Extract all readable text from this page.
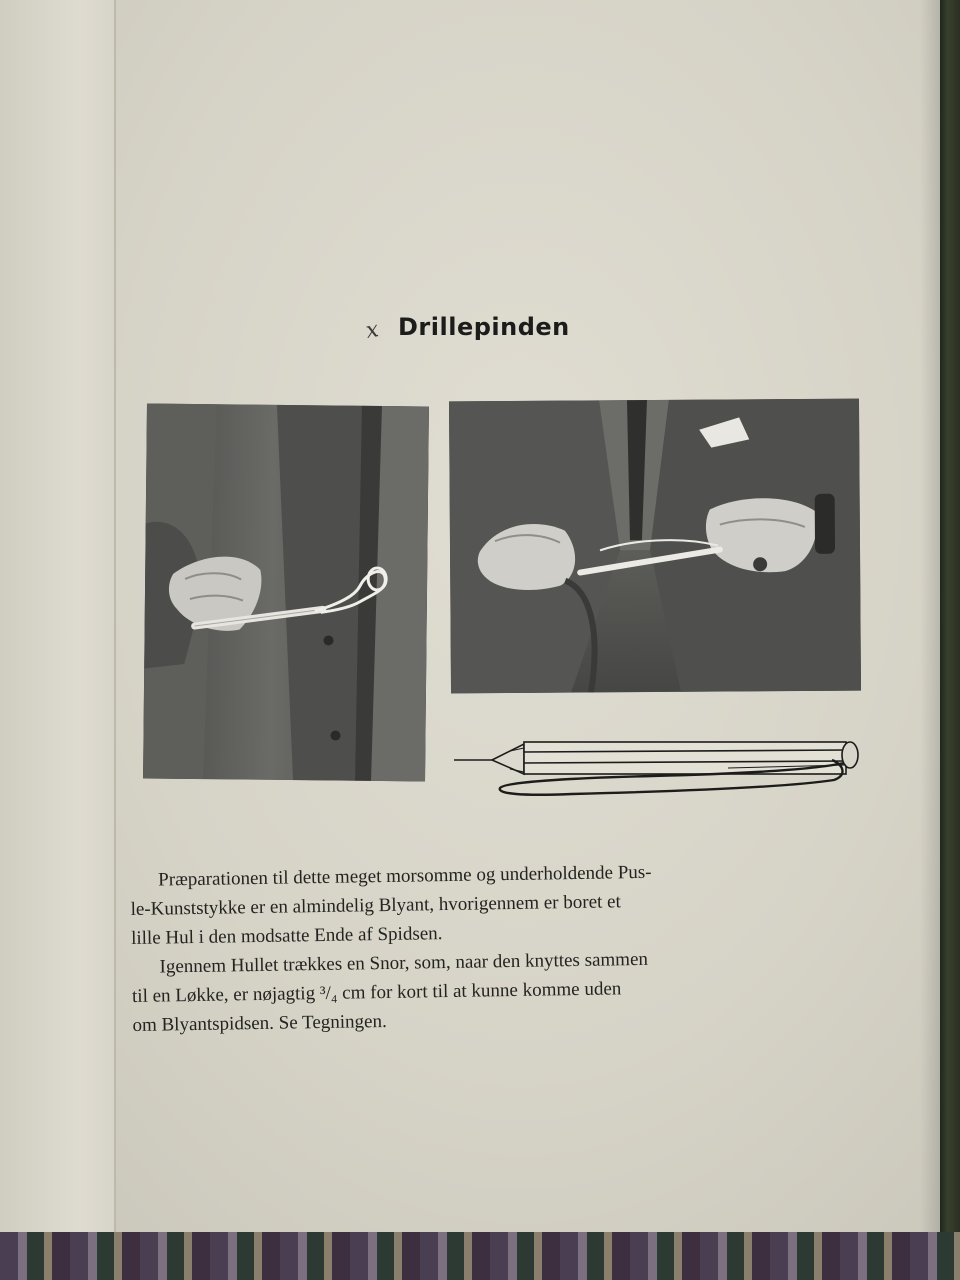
x Drillepinden

Præparationen til dette meget morsomme og underholdende Pus-
le-Kunststykke er en almindelig Blyant, hvorigennem er boret et
lille Hul i den modsatte Ende af Spidsen.

Igennem Hullet trækkes en Snor, som, naar den knyttes sammen
til en Løkke, er nøjagtig ³/₄ cm for kort til at kunne komme uden
om Blyantspidsen. Se Tegningen.
